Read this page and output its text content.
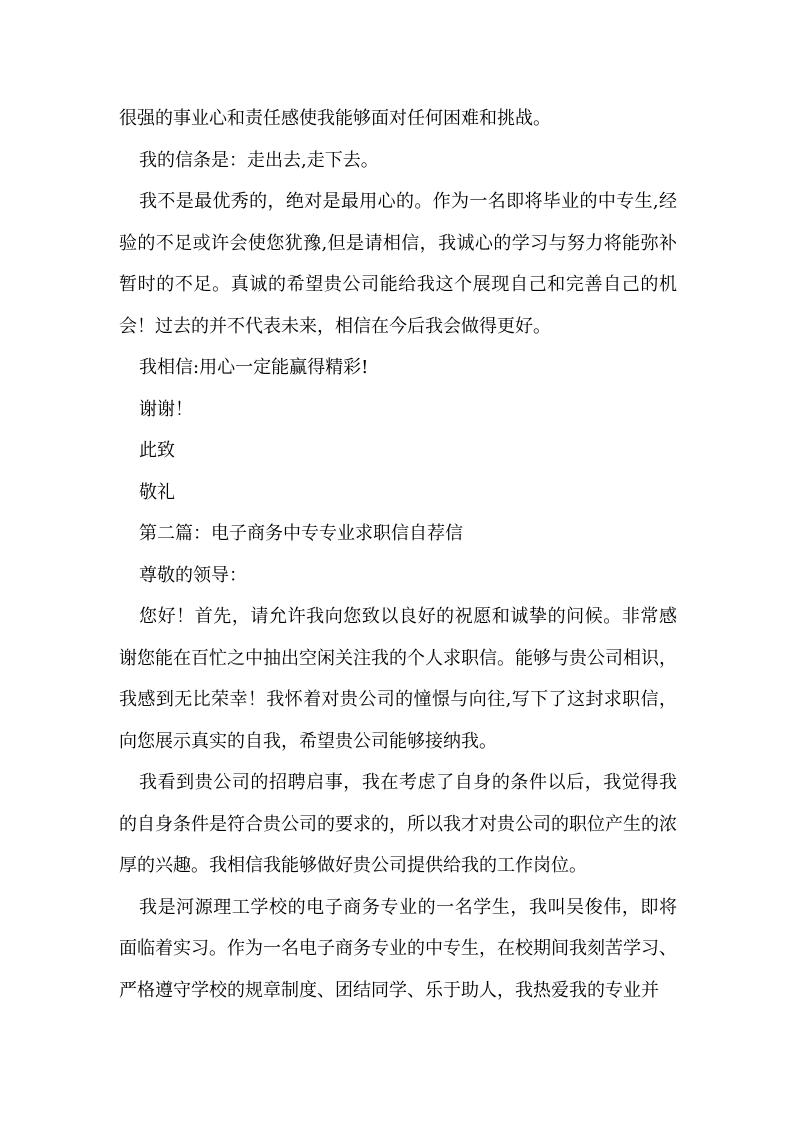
很强的事业心和责任感使我能够面对任何困难和挑战。

我的信条是：走出去,走下去。

我不是最优秀的，绝对是最用心的。作为一名即将毕业的中专生,经验的不足或许会使您犹豫,但是请相信，我诚心的学习与努力将能弥补暂时的不足。真诚的希望贵公司能给我这个展现自己和完善自己的机会！过去的并不代表未来，相信在今后我会做得更好。

我相信:用心一定能赢得精彩!

谢谢！

此致

敬礼

第二篇：电子商务中专专业求职信自荐信

尊敬的领导：

您好！首先，请允许我向您致以良好的祝愿和诚挚的问候。非常感谢您能在百忙之中抽出空闲关注我的个人求职信。能够与贵公司相识，我感到无比荣幸！我怀着对贵公司的憧憬与向往,写下了这封求职信，向您展示真实的自我，希望贵公司能够接纳我。

我看到贵公司的招聘启事，我在考虑了自身的条件以后，我觉得我的自身条件是符合贵公司的要求的，所以我才对贵公司的职位产生的浓厚的兴趣。我相信我能够做好贵公司提供给我的工作岗位。

我是河源理工学校的电子商务专业的一名学生，我叫吴俊伟，即将面临着实习。作为一名电子商务专业的中专生，在校期间我刻苦学习、严格遵守学校的规章制度、团结同学、乐于助人，我热爱我的专业并
